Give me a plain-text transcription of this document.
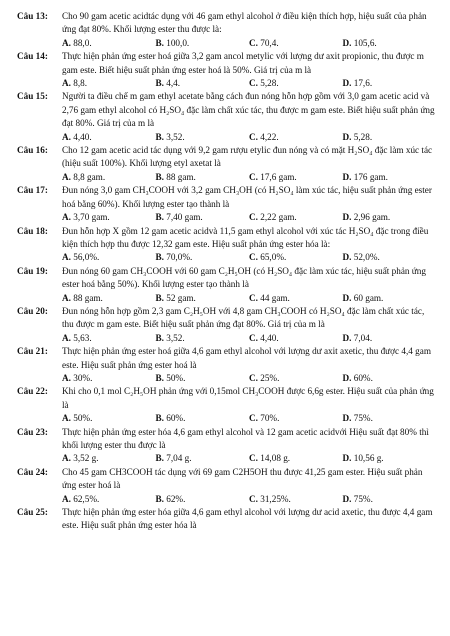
Câu 13:	Cho 90 gam acetic acidtác dụng với 46 gam ethyl alcohol ở điều kiện thích hợp, hiệu suất của phản ứng đạt 80%. Khối lượng ester thu được là:

A. 88,0.	B. 100,0.	C. 70,4.	D. 105,6.
Câu 14:	Thực hiện phản ứng ester hoá giữa 3,2 gam ancol metylic với lượng dư axit propionic, thu được m gam este. Biết hiệu suất phản ứng ester hoá là 50%. Giá trị của m là

A. 8,8.	B. 4,4.	C. 5,28.	D. 17,6.
Câu 15:	Người ta điều chế m gam ethyl acetate bằng cách đun nóng hỗn hợp gồm với 3,0 gam acetic acid và 2,76 gam ethyl alcohol có H₂SO₄ đặc làm chất xúc tác, thu được m gam este. Biết hiệu suất phản ứng đạt 80%. Giá trị của m là

A. 4,40.	B. 3,52.	C. 4,22.	D. 5,28.
Câu 16:	Cho 12 gam acetic acid tác dụng với 9,2 gam rượu etylic đun nóng và có mặt H₂SO₄ đặc làm xúc tác (hiệu suất 100%). Khối lượng etyl axetat là

A. 8,8 gam.	B. 88 gam.	C. 17,6 gam.	D. 176 gam.
Câu 17:	Đun nóng 3,0 gam CH₃COOH với 3,2 gam CH₃OH (có H₂SO₄ làm xúc tác, hiệu suất phản ứng ester hoá bằng 60%). Khối lượng ester tạo thành là

A. 3,70 gam.	B. 7,40 gam.	C. 2,22 gam.	D. 2,96 gam.
Câu 18:	Đun hỗn hợp X gồm 12 gam acetic acidvà 11,5 gam ethyl alcohol với xúc tác H₂SO₄ đặc trong điều kiện thích hợp thu được 12,32 gam este. Hiệu suất phản ứng ester hóa là:

A. 56,0%.	B. 70,0%.	C. 65,0%.	D. 52,0%.
Câu 19:	Đun nóng 60 gam CH₃COOH với 60 gam C₂H₅OH (có H₂SO₄ đặc làm xúc tác, hiệu suất phản ứng ester hoá bằng 50%). Khối lượng ester tạo thành là

A. 88 gam.	B. 52 gam.	C. 44 gam.	D. 60 gam.
Câu 20:	Đun nóng hỗn hợp gồm 2,3 gam C₂H₅OH với 4,8 gam CH₃COOH có H₂SO₄ đặc làm chất xúc tác, thu được m gam este. Biết hiệu suất phản ứng đạt 80%. Giá trị của m là

A. 5,63.	B. 3,52.	C. 4,40.	D. 7,04.
Câu 21:	Thực hiện phản ứng ester hoá giữa 4,6 gam ethyl alcohol với lượng dư axit axetic, thu được 4,4 gam este. Hiệu suất phản ứng ester hoá là

A. 30%.	B. 50%.	C. 25%.	D. 60%.
Câu 22:	Khi cho 0,1 mol C₂H₅OH phản ứng với 0,15mol CH₃COOH được 6,6g ester. Hiệu suất của phản ứng là

A. 50%.	B. 60%.	C. 70%.	D. 75%.
Câu 23:	Thực hiện phản ứng ester hóa 4,6 gam ethyl alcohol và 12 gam acetic acidvới Hiệu suất đạt 80% thì khối lượng ester thu được là

A. 3,52 g.	B. 7,04 g.	C. 14,08 g.	D. 10,56 g.
Câu 24:	Cho 45 gam CH3COOH tác dụng với 69 gam C2H5OH thu được 41,25 gam ester. Hiệu suất phản ứng ester hoá là

A. 62,5%.	B. 62%.	C. 31,25%.	D. 75%.
Câu 25:	Thực hiện phản ứng ester hóa giữa 4,6 gam ethyl alcohol với lượng dư acid axetic, thu được 4,4 gam este. Hiệu suất phản ứng ester hóa là
